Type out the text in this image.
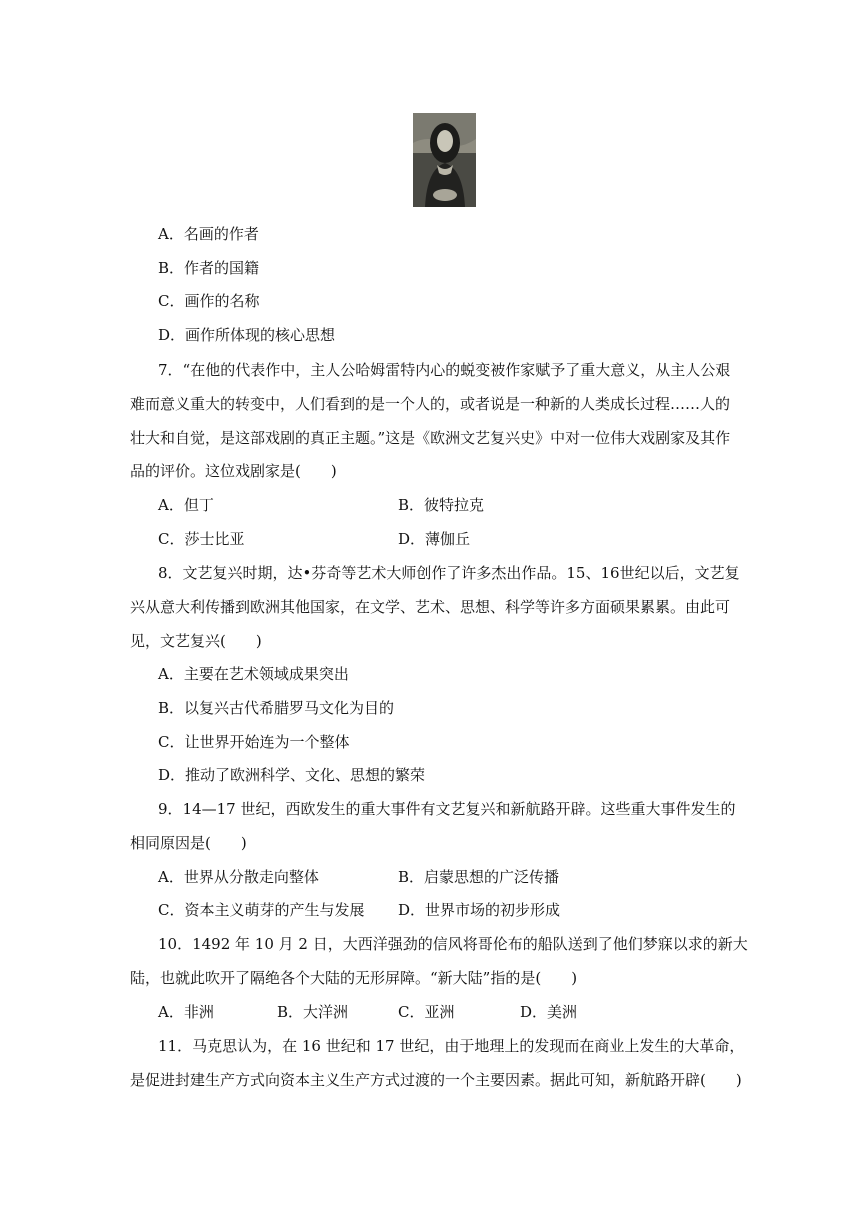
A．名画的作者
B．作者的国籍
C．画作的名称
D．画作所体现的核心思想
7．“在他的代表作中，主人公哈姆雷特内心的蜕变被作家赋予了重大意义，从主人公艰
难而意义重大的转变中，人们看到的是一个人的，或者说是一种新的人类成长过程……人的
壮大和自觉，是这部戏剧的真正主题。”这是《欧洲文艺复兴史》中对一位伟大戏剧家及其作
品的评价。这位戏剧家是(　　)
A．但丁	B．彼特拉克
C．莎士比亚	D．薄伽丘
8．文艺复兴时期，达•芬奇等艺术大师创作了许多杰出作品。15、16世纪以后，文艺复
兴从意大利传播到欧洲其他国家，在文学、艺术、思想、科学等许多方面硕果累累。由此可
见，文艺复兴(　　)
A．主要在艺术领域成果突出
B．以复兴古代希腊罗马文化为目的
C．让世界开始连为一个整体
D．推动了欧洲科学、文化、思想的繁荣
9．14—17 世纪，西欧发生的重大事件有文艺复兴和新航路开辟。这些重大事件发生的
相同原因是(　　)
A．世界从分散走向整体	B．启蒙思想的广泛传播
C．资本主义萌芽的产生与发展 D．世界市场的初步形成
10．1492 年 10 月 2 日，大西洋强劲的信风将哥伦布的船队送到了他们梦寐以求的新大
陆，也就此吹开了隔绝各个大陆的无形屏障。“新大陆”指的是(　　)
A．非洲	B．大洋洲	C．亚洲	D．美洲
11．马克思认为，在 16 世纪和 17 世纪，由于地理上的发现而在商业上发生的大革命，
是促进封建生产方式向资本主义生产方式过渡的一个主要因素。据此可知，新航路开辟(　　)
